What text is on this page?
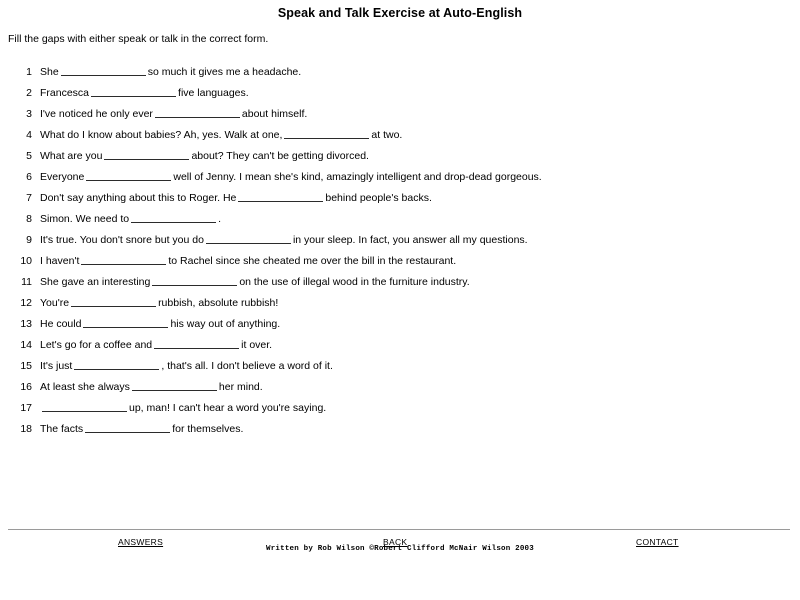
Speak and Talk Exercise at Auto-English
Fill the gaps with either speak or talk in the correct form.
1 She	so much it gives me a headache.
2 Francesca	five languages.
3 I've noticed he only ever	about himself.
4 What do I know about babies? Ah, yes. Walk at one,	at two.
5 What are you	about? They can't be getting divorced.
6 Everyone	well of Jenny. I mean she's kind, amazingly intelligent and drop-dead gorgeous.
7 Don't say anything about this to Roger. He	behind people's backs.
8 Simon. We need to	.
9 It's true. You don't snore but you do	in your sleep. In fact, you answer all my questions.
10 I haven't	to Rachel since she cheated me over the bill in the restaurant.
11 She gave an interesting	on the use of illegal wood in the furniture industry.
12 You're	rubbish, absolute rubbish!
13 He could	his way out of anything.
14 Let's go for a coffee and	it over.
15 It's just	, that's all. I don't believe a word of it.
16 At least she always	her mind.
17	up, man! I can't hear a word you're saying.
18 The facts	for themselves.
ANSWERS	BACK	CONTACT
Written by Rob Wilson ©Robert Clifford McNair Wilson 2003
